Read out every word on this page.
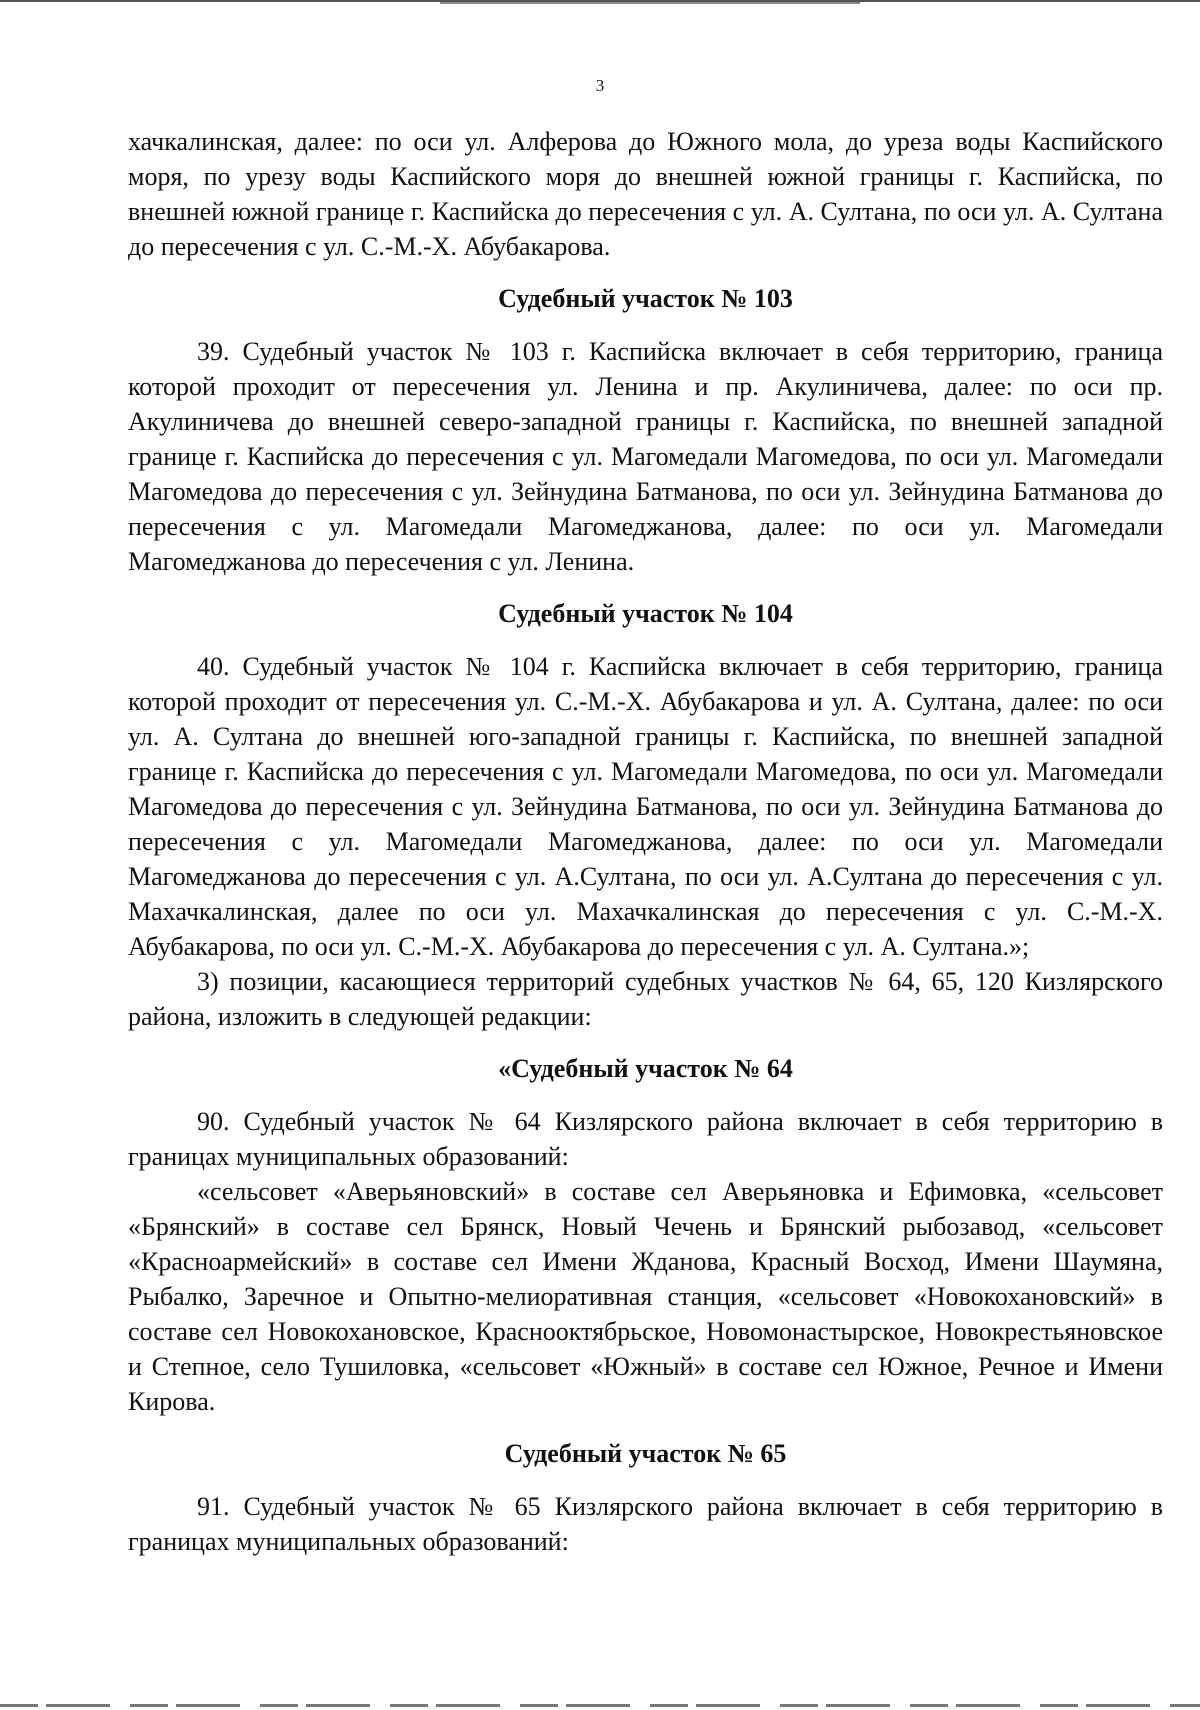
3

хачкалинская, далее: по оси ул. Алферова до Южного мола, до уреза воды Каспийского моря, по урезу воды Каспийского моря до внешней южной границы г. Каспийска, по внешней южной границе г. Каспийска до пересечения с ул. А. Султана, по оси ул. А. Султана до пересечения с ул. С.-М.-Х. Абубакарова.

Судебный участок № 103

39. Судебный участок № 103 г. Каспийска включает в себя территорию, граница которой проходит от пересечения ул. Ленина и пр. Акулиничева, далее: по оси пр. Акулиничева до внешней северо-западной границы г. Каспийска, по внешней западной границе г. Каспийска до пересечения с ул. Магомедали Магомедова, по оси ул. Магомедали Магомедова до пересечения с ул. Зейнудина Батманова, по оси ул. Зейнудина Батманова до пересечения с ул. Магомедали Магомеджанова, далее: по оси ул. Магомедали Магомеджанова до пересечения с ул. Ленина.

Судебный участок № 104

40. Судебный участок № 104 г. Каспийска включает в себя территорию, граница которой проходит от пересечения ул. С.-М.-Х. Абубакарова и ул. А. Султана, далее: по оси ул. А. Султана до внешней юго-западной границы г. Каспийска, по внешней западной границе г. Каспийска до пересечения с ул. Магомедали Магомедова, по оси ул. Магомедали Магомедова до пересечения с ул. Зейнудина Батманова, по оси ул. Зейнудина Батманова до пересечения с ул. Магомедали Магомеджанова, далее: по оси ул. Магомедали Магомеджанова до пересечения с ул. А.Султана, по оси ул. А.Султана до пересечения с ул. Махачкалинская, далее по оси ул. Махачкалинская до пересечения с ул. С.-М.-Х. Абубакарова, по оси ул. С.-М.-Х. Абубакарова до пересечения с ул. А. Султана.»;

3) позиции, касающиеся территорий судебных участков № 64, 65, 120 Кизлярского района, изложить в следующей редакции:

«Судебный участок № 64

90. Судебный участок № 64 Кизлярского района включает в себя территорию в границах муниципальных образований:

«сельсовет «Аверьяновский» в составе сел Аверьяновка и Ефимовка, «сельсовет «Брянский» в составе сел Брянск, Новый Чечень и Брянский рыбозавод, «сельсовет «Красноармейский» в составе сел Имени Жданова, Красный Восход, Имени Шаумяна, Рыбалко, Заречное и Опытно-мелиоративная станция, «сельсовет «Новокохановский» в составе сел Новокохановское, Краснооктябрьское, Новомонастырское, Новокрестьяновское и Степное, село Тушиловка, «сельсовет «Южный» в составе сел Южное, Речное и Имени Кирова.

Судебный участок № 65

91. Судебный участок № 65 Кизлярского района включает в себя территорию в границах муниципальных образований:
